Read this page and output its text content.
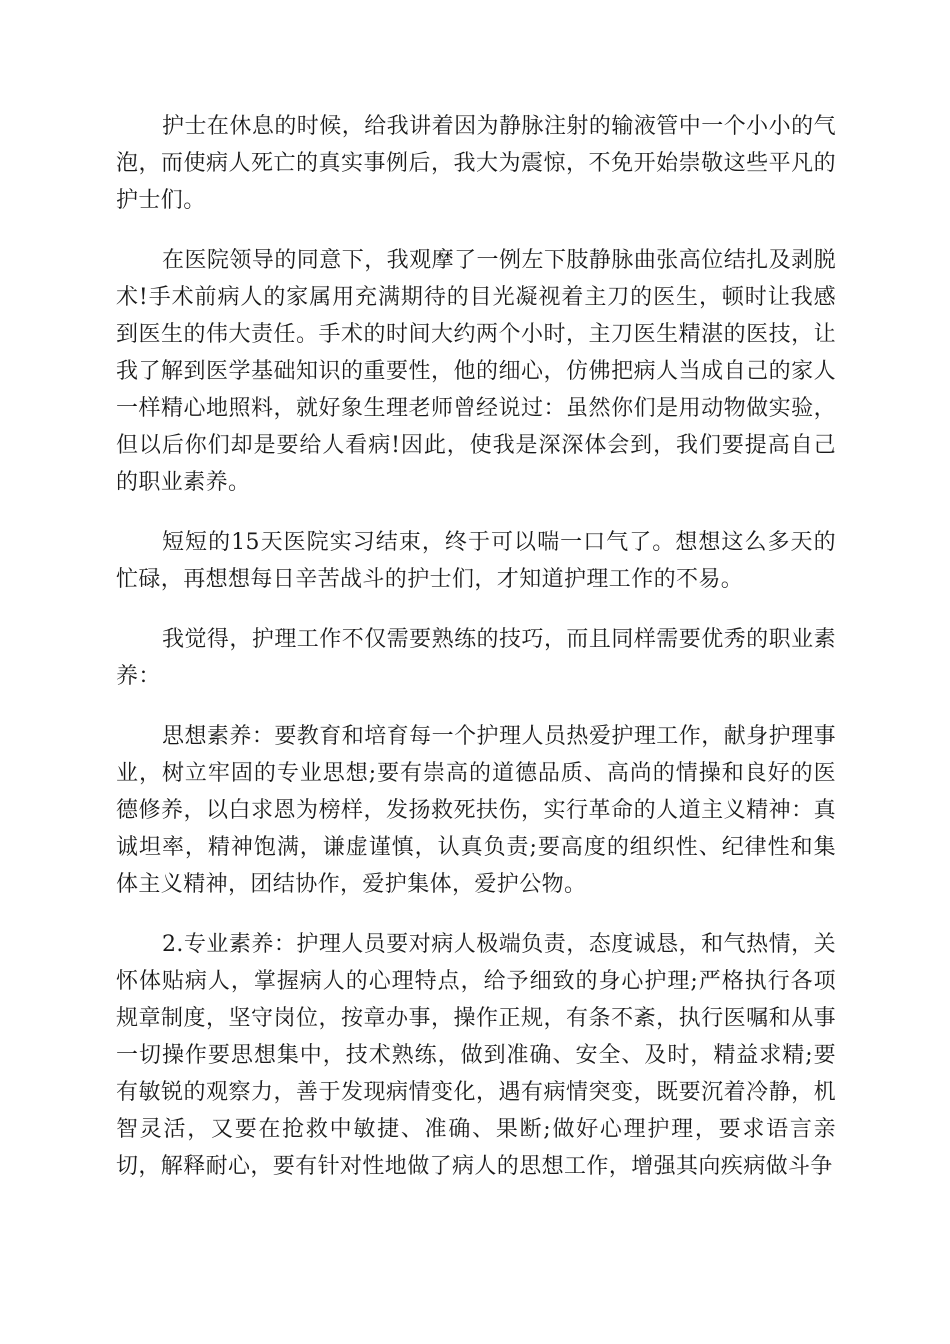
护士在休息的时候，给我讲着因为静脉注射的输液管中一个小小的气泡，而使病人死亡的真实事例后，我大为震惊，不免开始崇敬这些平凡的护士们。

在医院领导的同意下，我观摩了一例左下肢静脉曲张高位结扎及剥脱术!手术前病人的家属用充满期待的目光凝视着主刀的医生，顿时让我感到医生的伟大责任。手术的时间大约两个小时，主刀医生精湛的医技，让我了解到医学基础知识的重要性，他的细心，仿佛把病人当成自己的家人一样精心地照料，就好象生理老师曾经说过：虽然你们是用动物做实验，但以后你们却是要给人看病!因此，使我是深深体会到，我们要提高自己的职业素养。

短短的15天医院实习结束，终于可以喘一口气了。想想这么多天的忙碌，再想想每日辛苦战斗的护士们，才知道护理工作的不易。

我觉得，护理工作不仅需要熟练的技巧，而且同样需要优秀的职业素养：

思想素养：要教育和培育每一个护理人员热爱护理工作，献身护理事业，树立牢固的专业思想;要有崇高的道德品质、高尚的情操和良好的医德修养，以白求恩为榜样，发扬救死扶伤，实行革命的人道主义精神：真诚坦率，精神饱满，谦虚谨慎，认真负责;要高度的组织性、纪律性和集体主义精神，团结协作，爱护集体，爱护公物。

2.专业素养：护理人员要对病人极端负责，态度诚恳，和气热情，关怀体贴病人，掌握病人的心理特点，给予细致的身心护理;严格执行各项规章制度，坚守岗位，按章办事，操作正规，有条不紊，执行医嘱和从事一切操作要思想集中，技术熟练，做到准确、安全、及时，精益求精;要有敏锐的观察力，善于发现病情变化，遇有病情突变，既要沉着冷静，机智灵活，又要在抢救中敏捷、准确、果断;做好心理护理，要求语言亲切，解释耐心，要有针对性地做了病人的思想工作，增强其向疾病做斗争
